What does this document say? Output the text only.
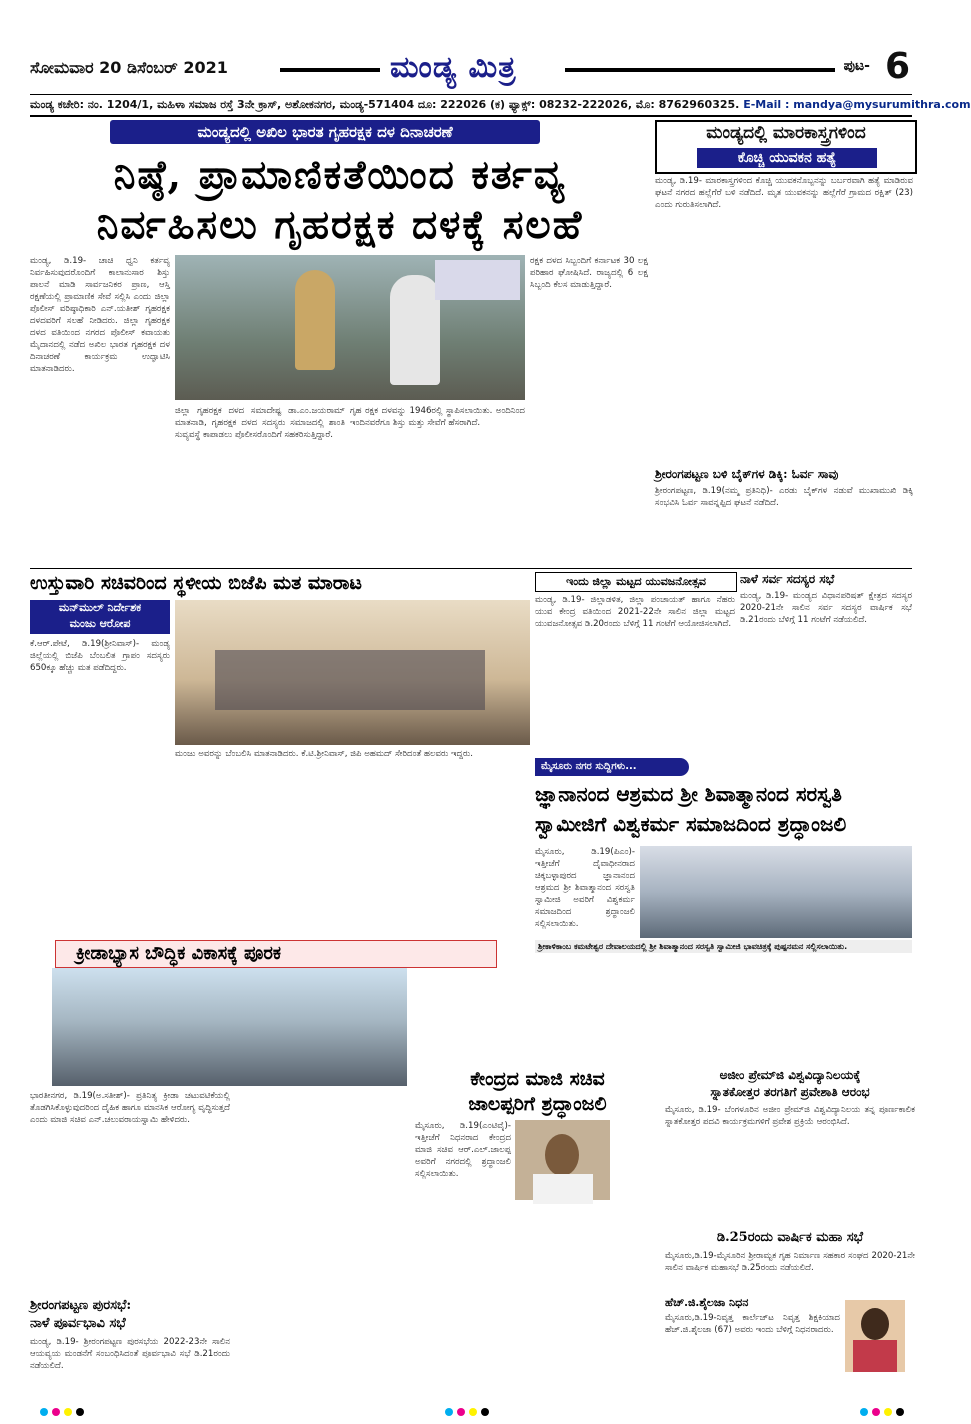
ಸೋಮವಾರ 20 ಡಿಸೆಂಬರ್ 2021	ಮಂಡ್ಯ ಮಿತ್ರ	ಪುಟ- 6
ಮಂಡ್ಯ ಕಚೇರಿ: ನಂ. 1204/1, ಮಹಿಳಾ ಸಮಾಜ ರಸ್ತೆ 3ನೇ ಕ್ರಾಸ್, ಅಶೋಕನಗರ, ಮಂಡ್ಯ-571404 ದೂ: 222026 (ಕ) ಫ್ಯಾಕ್ಸ್: 08232-222026, ಮೊ: 8762960325. E-Mail : mandya@mysurumithra.com
ಮಂಡ್ಯದಲ್ಲಿ ಅಖಿಲ ಭಾರತ ಗೃಹರಕ್ಷಕ ದಳ ದಿನಾಚರಣೆ
ನಿಷ್ಠೆ, ಪ್ರಾಮಾಣಿಕತೆಯಿಂದ ಕರ್ತವ್ಯ
ನಿರ್ವಹಿಸಲು ಗೃಹರಕ್ಷಕ ದಳಕ್ಕೆ ಸಲಹೆ
ಮಂಡ್ಯ, ಡಿ.19- ಚಾಚಿ ಧ್ವನಿ ಕರ್ತವ್ಯ ನಿರ್ವಹಿಸುವುದರೊಂದಿಗೆ ಕಾಲಾನುಸಾರ ಶಿಸ್ತು ಪಾಲನೆ ಮಾಡಿ ಸಾರ್ವಜನಿಕರ ಪ್ರಾಣ, ಆಸ್ತಿ ರಕ್ಷಣೆಯಲ್ಲಿ ಪ್ರಾಮಾಣಿಕ ಸೇವೆ ಸಲ್ಲಿಸಿ ಎಂದು ಜಿಲ್ಲಾ ಪೊಲೀಸ್ ವರಿಷ್ಠಾಧಿಕಾರಿ ಎನ್.ಯತೀಶ್ ಗೃಹರಕ್ಷಕ ದಳದವರಿಗೆ ಸಲಹೆ ನೀಡಿದರು. ಜಿಲ್ಲಾ ಗೃಹರಕ್ಷಕ ದಳದ ವತಿಯಿಂದ ನಗರದ ಪೊಲೀಸ್ ಕವಾಯತು ಮೈದಾನದಲ್ಲಿ ನಡೆದ ಅಖಿಲ ಭಾರತ ಗೃಹರಕ್ಷಕ ದಳ ದಿನಾಚರಣೆ ಕಾರ್ಯಕ್ರಮ ಉದ್ಘಾಟಿಸಿ ಮಾತನಾಡಿದರು.
ಜಿಲ್ಲಾ ಗೃಹರಕ್ಷಕ ದಳದ ಸಮಾದೇಷ್ಟ ಡಾ.ಎಂ.ಜಯರಾಮ್ ಮಾತನಾಡಿ, ಗೃಹರಕ್ಷಕ ದಳದ ಸದಸ್ಯರು ಸಮಾಜದಲ್ಲಿ ಶಾಂತಿ ಸುವ್ಯವಸ್ಥೆ ಕಾಪಾಡಲು ಪೊಲೀಸರೊಂದಿಗೆ ಸಹಕರಿಸುತ್ತಿದ್ದಾರೆ.
ಗೃಹ ರಕ್ಷಕ ದಳವನ್ನು 1946ರಲ್ಲಿ ಸ್ಥಾಪಿಸಲಾಯಿತು. ಅಂದಿನಿಂದ ಇಂದಿನವರೆಗೂ ಶಿಸ್ತು ಮತ್ತು ಸೇವೆಗೆ ಹೆಸರಾಗಿದೆ.
ರಕ್ಷಕ ದಳದ ಸಿಬ್ಬಂದಿಗೆ ಕರ್ನಾಟಕ 30 ಲಕ್ಷ ಪರಿಹಾರ ಘೋಷಿಸಿದೆ. ರಾಜ್ಯದಲ್ಲಿ 6 ಲಕ್ಷ ಸಿಬ್ಬಂದಿ ಕೆಲಸ ಮಾಡುತ್ತಿದ್ದಾರೆ.
ಮಂಡ್ಯದಲ್ಲಿ ಮಾರಕಾಸ್ತ್ರಗಳಿಂದ
ಕೊಚ್ಚಿ ಯುವಕನ ಹತ್ಯೆ
ಮಂಡ್ಯ, ಡಿ.19- ಮಾರಕಾಸ್ತ್ರಗಳಿಂದ ಕೊಚ್ಚಿ ಯುವಕನೊಬ್ಬನನ್ನು ಬರ್ಬರವಾಗಿ ಹತ್ಯೆ ಮಾಡಿರುವ ಘಟನೆ ನಗರದ ಹಲ್ಲೆಗೆರೆ ಬಳಿ ನಡೆದಿದೆ. ಮೃತ ಯುವಕನನ್ನು ಹಲ್ಲೆಗೆರೆ ಗ್ರಾಮದ ರಕ್ಷಿತ್ (23) ಎಂದು ಗುರುತಿಸಲಾಗಿದೆ.
ಶ್ರೀರಂಗಪಟ್ಟಣ ಬಳಿ ಬೈಕ್‌ಗಳ ಡಿಕ್ಕಿ: ಓರ್ವ ಸಾವು
ಶ್ರೀರಂಗಪಟ್ಟಣ, ಡಿ.19(ನಮ್ಮ ಪ್ರತಿನಿಧಿ)- ಎರಡು ಬೈಕ್‌ಗಳ ನಡುವೆ ಮುಖಾಮುಖಿ ಡಿಕ್ಕಿ ಸಂಭವಿಸಿ ಓರ್ವ ಸಾವನ್ನಪ್ಪಿದ ಘಟನೆ ನಡೆದಿದೆ.
ಉಸ್ತುವಾರಿ ಸಚಿವರಿಂದ ಸ್ಥಳೀಯ ಬಿಜೆಪಿ ಮತ ಮಾರಾಟ
ಮನ್‌ಮುಲ್ ನಿರ್ದೇಶಕ
ಮಂಜು ಆರೋಪ
ಕೆ.ಆರ್.ಪೇಟೆ, ಡಿ.19(ಶ್ರೀನಿವಾಸ್)- ಮಂಡ್ಯ ಜಿಲ್ಲೆಯಲ್ಲಿ ಬಿಜೆಪಿ ಬೆಂಬಲಿತ ಗ್ರಾಪಂ ಸದಸ್ಯರು 650ಕ್ಕೂ ಹೆಚ್ಚು ಮತ ಪಡೆದಿದ್ದರು.
ಮಂಜು ಅವರನ್ನು ಬೆಂಬಲಿಸಿ ಮಾತನಾಡಿದರು. ಕೆ.ಟಿ.ಶ್ರೀನಿವಾಸ್, ಜಿಪಿ ಅಹಮದ್ ಸೇರಿದಂತೆ ಹಲವರು ಇದ್ದರು.
ಇಂದು ಜಿಲ್ಲಾ ಮಟ್ಟದ ಯುವಜನೋತ್ಸವ
ಮಂಡ್ಯ, ಡಿ.19- ಜಿಲ್ಲಾಡಳಿತ, ಜಿಲ್ಲಾ ಪಂಚಾಯತ್ ಹಾಗೂ ನೆಹರು ಯುವ ಕೇಂದ್ರ ವತಿಯಿಂದ 2021-22ನೇ ಸಾಲಿನ ಜಿಲ್ಲಾ ಮಟ್ಟದ ಯುವಜನೋತ್ಸವ ಡಿ.20ರಂದು ಬೆಳಿಗ್ಗೆ 11 ಗಂಟೆಗೆ ಆಯೋಜಿಸಲಾಗಿದೆ.
ನಾಳೆ ಸರ್ವ ಸದಸ್ಯರ ಸಭೆ
ಮಂಡ್ಯ, ಡಿ.19- ಮಂಡ್ಯದ ವಿಧಾನಪರಿಷತ್ ಕ್ಷೇತ್ರದ ಸದಸ್ಯರ 2020-21ನೇ ಸಾಲಿನ ಸರ್ವ ಸದಸ್ಯರ ವಾರ್ಷಿಕ ಸಭೆ ಡಿ.21ರಂದು ಬೆಳಿಗ್ಗೆ 11 ಗಂಟೆಗೆ ನಡೆಯಲಿದೆ.
ಮೈಸೂರು ನಗರ ಸುದ್ದಿಗಳು...
ಜ್ಞಾನಾನಂದ ಆಶ್ರಮದ ಶ್ರೀ ಶಿವಾತ್ಮಾನಂದ ಸರಸ್ವತಿ
ಸ್ವಾಮೀಜಿಗೆ ವಿಶ್ವಕರ್ಮ ಸಮಾಜದಿಂದ ಶ್ರದ್ಧಾಂಜಲಿ
ಮೈಸೂರು, ಡಿ.19(ಪಿಎಂ)- ಇತ್ತೀಚೆಗೆ ದೈವಾಧೀನರಾದ ಚಿಕ್ಕಬಳ್ಳಾಪುರದ ಜ್ಞಾನಾನಂದ ಆಶ್ರಮದ ಶ್ರೀ ಶಿವಾತ್ಮಾನಂದ ಸರಸ್ವತಿ ಸ್ವಾಮೀಜಿ ಅವರಿಗೆ ವಿಶ್ವಕರ್ಮ ಸಮಾಜದಿಂದ ಶ್ರದ್ಧಾಂಜಲಿ ಸಲ್ಲಿಸಲಾಯಿತು.
ಶ್ರೀಕಾಳಿಕಾಂಬ ಕಮಟೇಶ್ವರ ದೇವಾಲಯದಲ್ಲಿ ಶ್ರೀ ಶಿವಾತ್ಮಾನಂದ ಸರಸ್ವತಿ ಸ್ವಾಮೀಜಿ ಭಾವಚಿತ್ರಕ್ಕೆ ಪುಷ್ಪನಮನ ಸಲ್ಲಿಸಲಾಯಿತು.
ಕ್ರೀಡಾಭ್ಯಾಸ ಬೌದ್ಧಿಕ ವಿಕಾಸಕ್ಕೆ ಪೂರಕ
ಭಾರತೀನಗರ, ಡಿ.19(ಅ.ಸತೀಶ್)- ಪ್ರತಿನಿತ್ಯ ಕ್ರೀಡಾ ಚಟುವಟಿಕೆಯಲ್ಲಿ ತೊಡಗಿಸಿಕೊಳ್ಳುವುದರಿಂದ ದೈಹಿಕ ಹಾಗೂ ಮಾನಸಿಕ ಆರೋಗ್ಯ ವೃದ್ಧಿಸುತ್ತದೆ ಎಂದು ಮಾಜಿ ಸಚಿವ ಎನ್.ಚಲುವರಾಯಸ್ವಾಮಿ ಹೇಳಿದರು.
ಶ್ರೀರಂಗಪಟ್ಟಣ ಪುರಸಭೆ:
ನಾಳೆ ಪೂರ್ವಭಾವಿ ಸಭೆ
ಮಂಡ್ಯ, ಡಿ.19- ಶ್ರೀರಂಗಪಟ್ಟಣ ಪುರಸಭೆಯ 2022-23ನೇ ಸಾಲಿನ ಆಯವ್ಯಯ ಮಂಡನೆಗೆ ಸಂಬಂಧಿಸಿದಂತೆ ಪೂರ್ವಭಾವಿ ಸಭೆ ಡಿ.21ರಂದು ನಡೆಯಲಿದೆ.
ಕೇಂದ್ರದ ಮಾಜಿ ಸಚಿವ
ಜಾಲಪ್ಪರಿಗೆ ಶ್ರದ್ಧಾಂಜಲಿ
ಮೈಸೂರು, ಡಿ.19(ಎಂಟಿವೈ)- ಇತ್ತೀಚೆಗೆ ನಿಧನರಾದ ಕೇಂದ್ರದ ಮಾಜಿ ಸಚಿವ ಆರ್.ಎಲ್.ಜಾಲಪ್ಪ ಅವರಿಗೆ ನಗರದಲ್ಲಿ ಶ್ರದ್ಧಾಂಜಲಿ ಸಲ್ಲಿಸಲಾಯಿತು.
ಅಜೀಂ ಪ್ರೇಮ್‌ಜಿ ವಿಶ್ವವಿದ್ಯಾನಿಲಯಕ್ಕೆ
ಸ್ನಾತಕೋತ್ತರ ತರಗತಿಗೆ ಪ್ರವೇಶಾತಿ ಆರಂಭ
ಮೈಸೂರು, ಡಿ.19- ಬೆಂಗಳೂರಿನ ಅಜೀಂ ಪ್ರೇಮ್‌ಜಿ ವಿಶ್ವವಿದ್ಯಾನಿಲಯ ತನ್ನ ಪೂರ್ಣಕಾಲಿಕ ಸ್ನಾತಕೋತ್ತರ ಪದವಿ ಕಾರ್ಯಕ್ರಮಗಳಿಗೆ ಪ್ರವೇಶ ಪ್ರಕ್ರಿಯೆ ಆರಂಭಿಸಿದೆ.
ಡಿ.25ರಂದು ವಾರ್ಷಿಕ ಮಹಾ ಸಭೆ
ಮೈಸೂರು,ಡಿ.19-ಮೈಸೂರಿನ ಶ್ರೀರಾಮ್ಟಕ ಗೃಹ ನಿರ್ಮಾಣ ಸಹಕಾರ ಸಂಘದ 2020-21ನೇ ಸಾಲಿನ ವಾರ್ಷಿಕ ಮಹಾಸಭೆ ಡಿ.25ರಂದು ನಡೆಯಲಿದೆ.
ಹೆಚ್.ಜಿ.ಶೈಲಜಾ ನಿಧನ
ಮೈಸೂರು,ಡಿ.19-ನಿವೃತ್ತ ಕಾರ್ಲೆಜ್‌ಟ ನಿವೃತ್ತ ಶಿಕ್ಷಕಿಯಾದ ಹೆಚ್.ಜಿ.ಶೈಲಜಾ (67) ಅವರು ಇಂದು ಬೆಳಿಗ್ಗೆ ನಿಧನರಾದರು.
